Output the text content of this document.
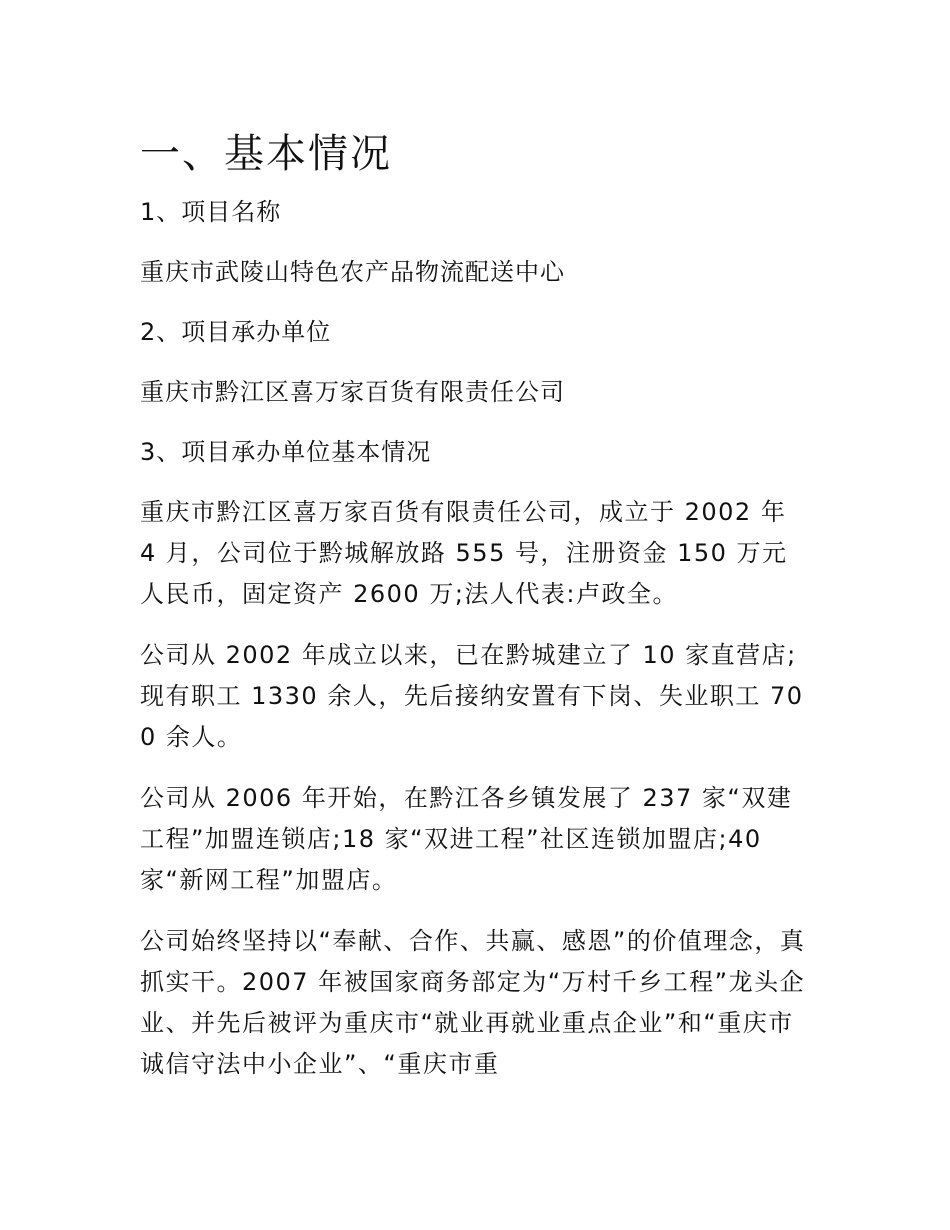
一、基本情况
1、项目名称
重庆市武陵山特色农产品物流配送中心
2、项目承办单位
重庆市黔江区喜万家百货有限责任公司
3、项目承办单位基本情况

重庆市黔江区喜万家百货有限责任公司，成立于 2002 年 4 月，公司位于黔城解放路 555 号，注册资金 150 万元人民币，固定资产 2600 万;法人代表:卢政全。

公司从 2002 年成立以来，已在黔城建立了 10 家直营店;现有职工 1330 余人，先后接纳安置有下岗、失业职工 700 余人。

公司从 2006 年开始，在黔江各乡镇发展了 237 家“双建工程”加盟连锁店;18 家“双进工程”社区连锁加盟店;40 家“新网工程”加盟店。

公司始终坚持以“奉献、合作、共赢、感恩”的价值理念，真抓实干。2007 年被国家商务部定为“万村千乡工程”龙头企业、并先后被评为重庆市“就业再就业重点企业”和“重庆市诚信守法中小企业”、“重庆市重
